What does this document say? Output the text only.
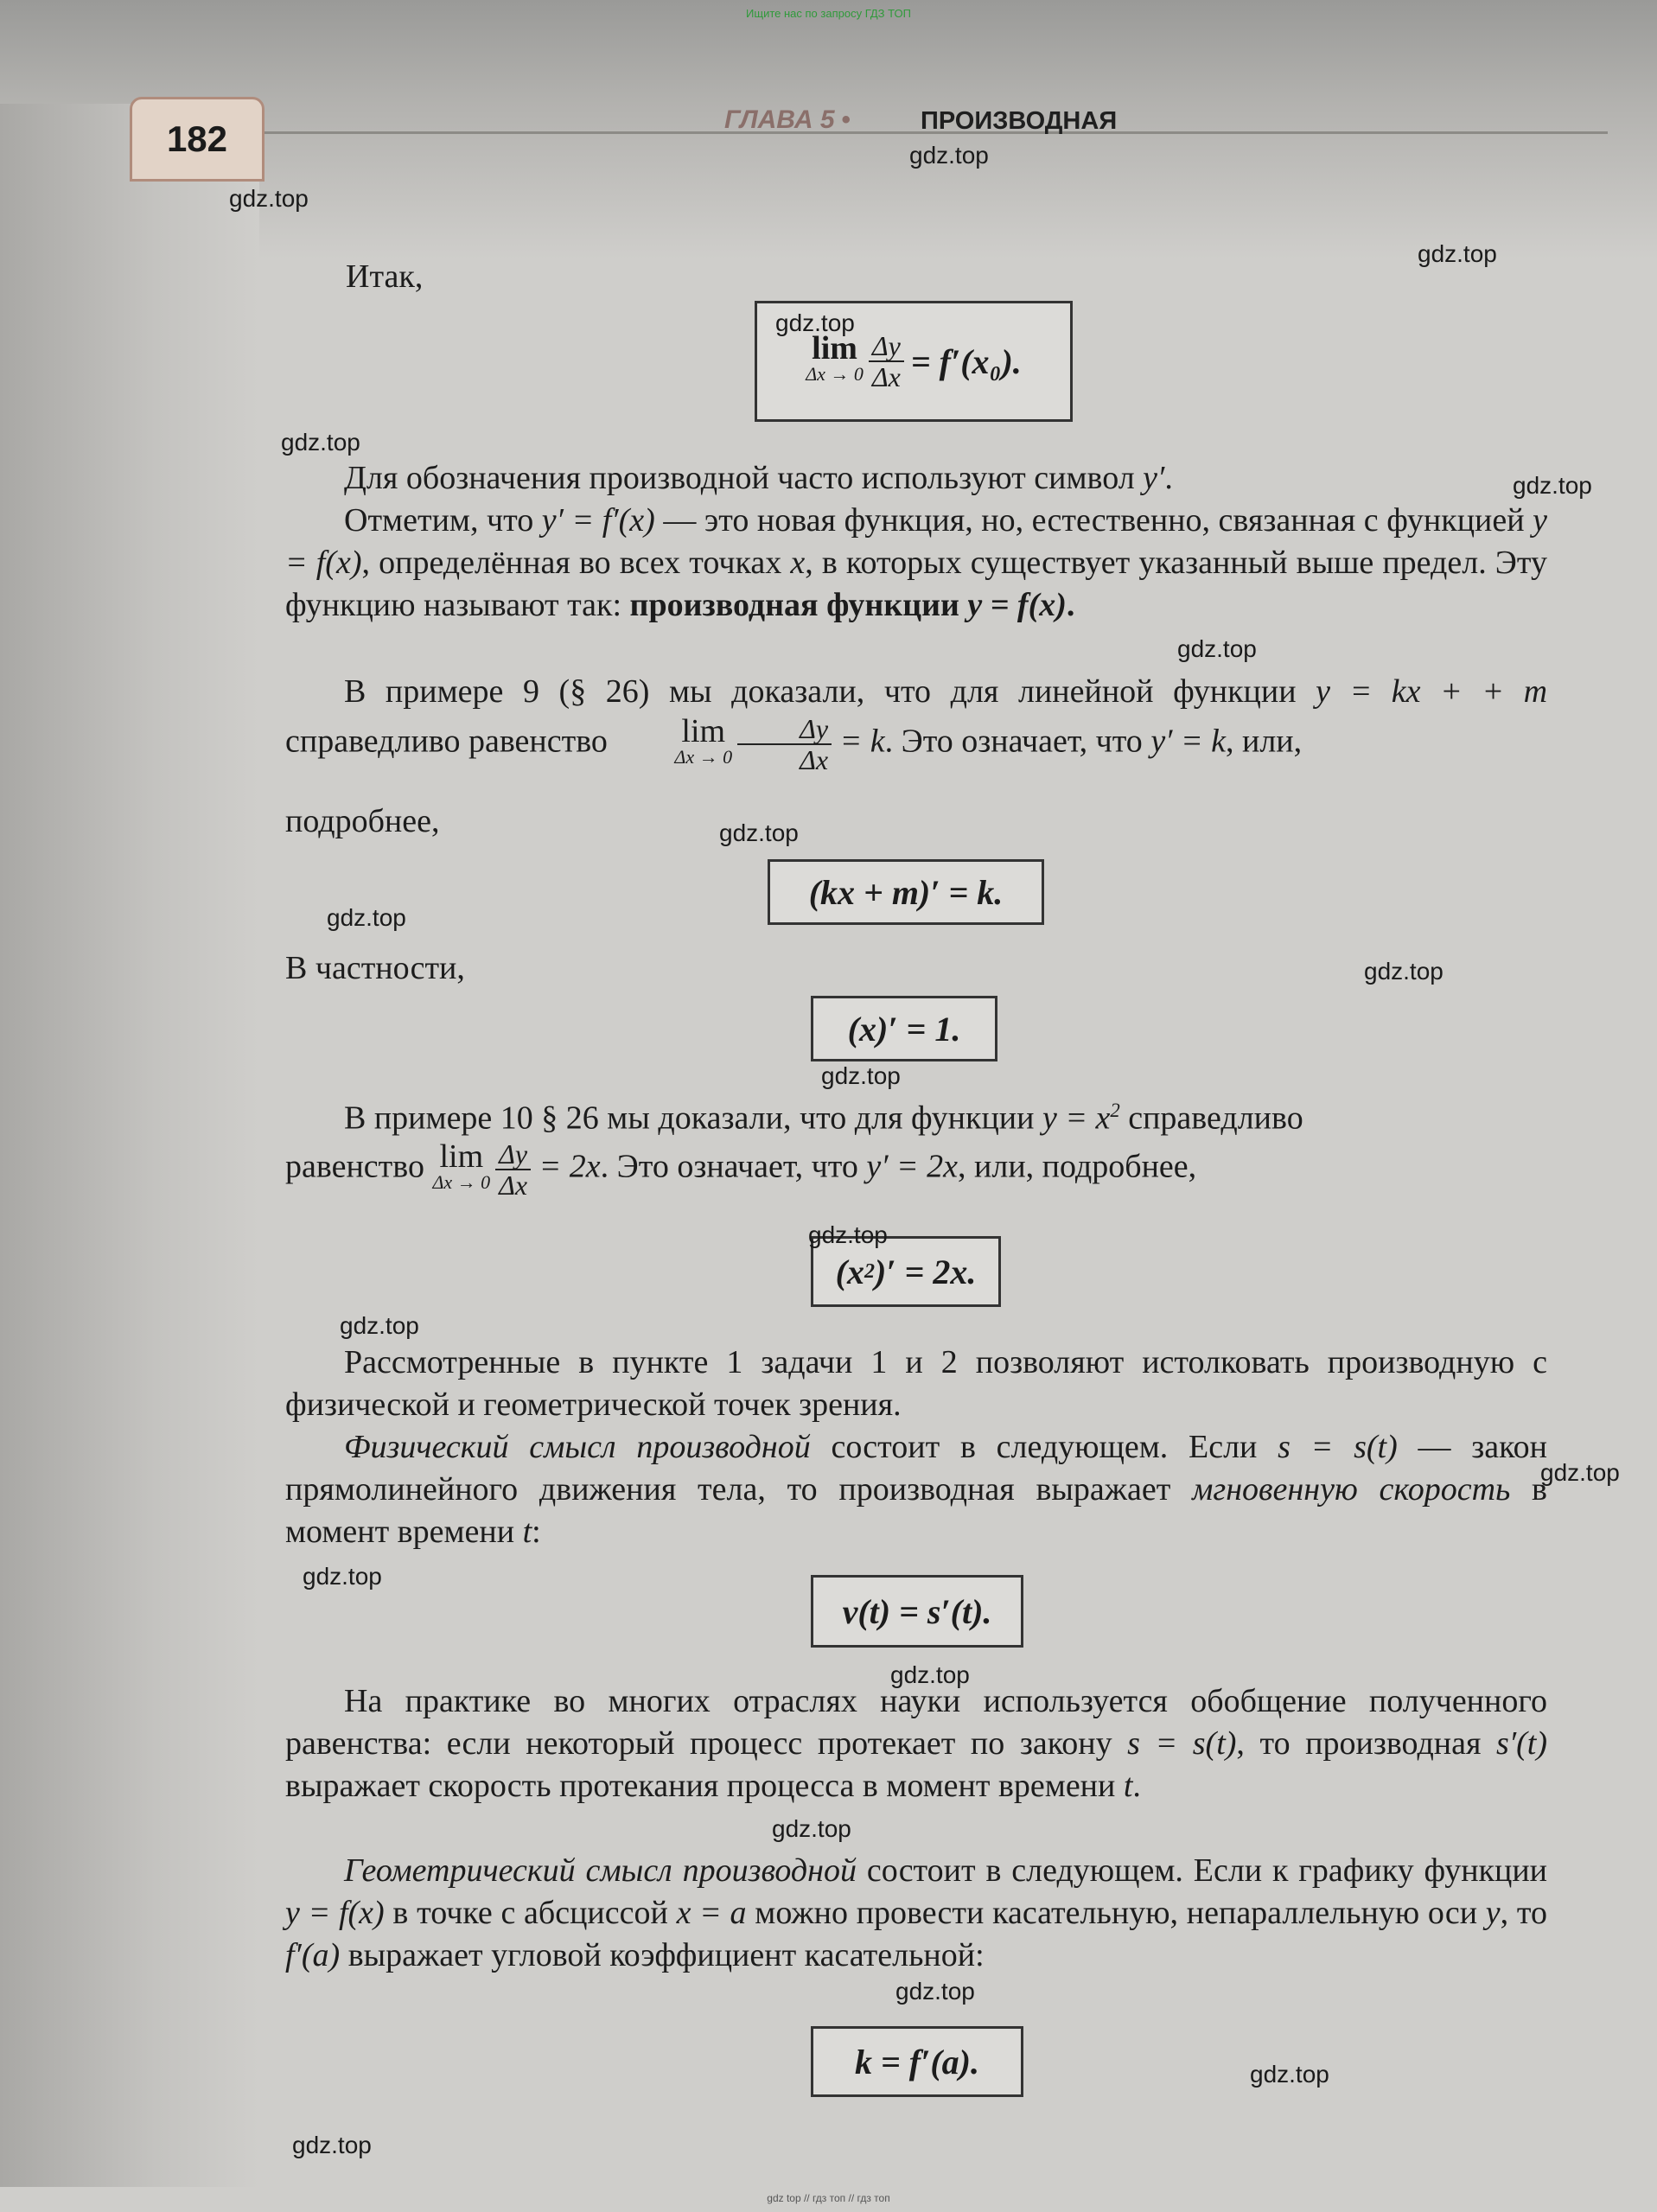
Ищите нас по запросу ГДЗ ТОП
182	ГЛАВА 5 •	ПРОИЗВОДНАЯ
Итак,
lim
$\Delta x \to 0 \frac{\Delta y}{\Delta x} = f'(x_0)$.
Для обозначения производной часто используют символ y′.
Отметим, что y′ = f′(x) — это новая функция, но, естественно, связанная с функцией y = f(x), определённая во всех точках x, в которых существует указанный выше предел. Эту функцию называют так: производная функции y = f(x).
В примере 9 (§ 26) мы доказали, что для линейной функции y = kx + + m справедливо равенство	lim
$\Delta x \to 0 \frac{\Delta y}{\Delta x} = k$. Это означает, что y′ = k, или,
подробнее,
(kx + m)′ = k.
В частности,
(x)′ = 1.
В примере 10 § 26 мы доказали, что для функции $y = x^2$ справедливо
равенство lim
$\Delta x \to 0 \frac{\Delta y}{\Delta x} = 2x$. Это означает, что y′ = 2x, или, подробнее,
(x 2 )′ = 2x.
Рассмотренные в пункте 1 задачи 1 и 2 позволяют истолковать производную с физической и геометрической точек зрения.
Физический смысл производной состоит в следующем. Если s = s(t) — закон прямолинейного движения тела, то производная выражает мгновенную скорость в момент времени t:
v(t) = s′(t).
На практике во многих отраслях науки используется обобщение полученного равенства: если некоторый процесс протекает по закону s = s(t), то производная s′(t) выражает скорость протекания процесса в момент времени t.
Геометрический смысл производной состоит в следующем. Если к графику функции y = f(x) в точке с абсциссой x = a можно провести касательную, непараллельную оси y, то f′(a) выражает угловой коэффициент касательной:
k = f′(a).
gdz.top
gdz.top
gdz.top
gdz.top
gdz.top
gdz.top
gdz.top
gdz.top
gdz.top
gdz.top
gdz.top
gdz.top
gdz.top
gdz.top
gdz.top
gdz.top
gdz.top
gdz.top
gdz.top
gdz.top
gdz top // гдз топ // гдз топ
